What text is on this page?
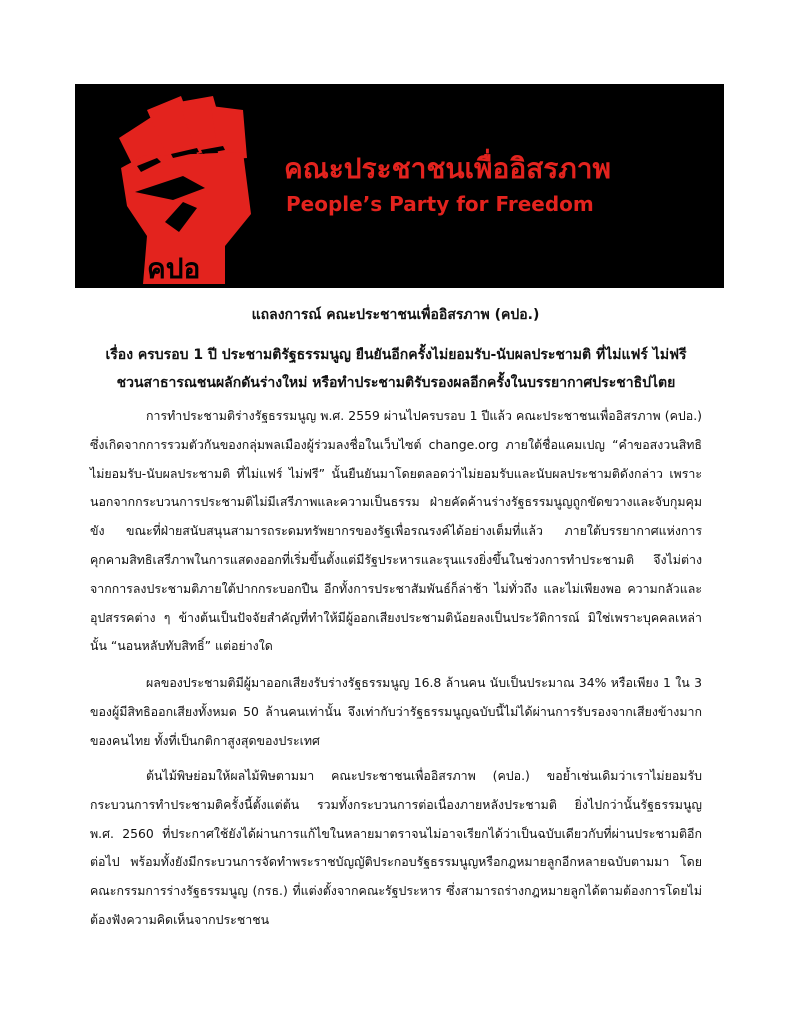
คปอ
คณะประชาชนเพื่ออิสรภาพ
People’s Party for Freedom
แถลงการณ์ คณะประชาชนเพื่ออิสรภาพ (คปอ.)
เรื่อง ครบรอบ 1 ปี ประชามติรัฐธรรมนูญ ยืนยันอีกครั้งไม่ยอมรับ-นับผลประชามติ ที่ไม่แฟร์ ไม่ฟรี
ชวนสาธารณชนผลักดันร่างใหม่ หรือทำประชามติรับรองผลอีกครั้งในบรรยากาศประชาธิปไตย

การทำประชามติร่างรัฐธรรมนูญ พ.ศ. 2559 ผ่านไปครบรอบ 1 ปีแล้ว คณะประชาชนเพื่ออิสรภาพ (คปอ.) ซึ่งเกิดจากการรวมตัวกันของกลุ่มพลเมืองผู้ร่วมลงชื่อในเว็บไซต์ change.org ภายใต้ชื่อแคมเปญ “คำขอสงวนสิทธิไม่ยอมรับ-นับผลประชามติ ที่ไม่แฟร์ ไม่ฟรี” นั้นยืนยันมาโดยตลอดว่าไม่ยอมรับและนับผลประชามติดังกล่าว เพราะนอกจากกระบวนการประชามติไม่มีเสรีภาพและความเป็นธรรม ฝ่ายคัดค้านร่างรัฐธรรมนูญถูกขัดขวางและจับกุมคุมขัง ขณะที่ฝ่ายสนับสนุนสามารถระดมทรัพยากรของรัฐเพื่อรณรงค์ได้อย่างเต็มที่แล้ว ภายใต้บรรยากาศแห่งการคุกคามสิทธิเสรีภาพในการแสดงออกที่เริ่มขึ้นตั้งแต่มีรัฐประหารและรุนแรงยิ่งขึ้นในช่วงการทำประชามติ จึงไม่ต่างจากการลงประชามติภายใต้ปากกระบอกปืน อีกทั้งการประชาสัมพันธ์ก็ล่าช้า ไม่ทั่วถึง และไม่เพียงพอ ความกลัวและอุปสรรคต่าง ๆ ข้างต้นเป็นปัจจัยสำคัญที่ทำให้มีผู้ออกเสียงประชามติน้อยลงเป็นประวัติการณ์ มิใช่เพราะบุคคลเหล่านั้น “นอนหลับทับสิทธิ์” แต่อย่างใด

ผลของประชามติมีผู้มาออกเสียงรับร่างรัฐธรรมนูญ 16.8 ล้านคน นับเป็นประมาณ 34% หรือเพียง 1 ใน 3 ของผู้มีสิทธิออกเสียงทั้งหมด 50 ล้านคนเท่านั้น จึงเท่ากับว่ารัฐธรรมนูญฉบับนี้ไม่ได้ผ่านการรับรองจากเสียงข้างมากของคนไทย ทั้งที่เป็นกติกาสูงสุดของประเทศ

ต้นไม้พิษย่อมให้ผลไม้พิษตามมา คณะประชาชนเพื่ออิสรภาพ (คปอ.) ขอย้ำเช่นเดิมว่าเราไม่ยอมรับกระบวนการทำประชามติครั้งนี้ตั้งแต่ต้น รวมทั้งกระบวนการต่อเนื่องภายหลังประชามติ ยิ่งไปกว่านั้นรัฐธรรมนูญ พ.ศ. 2560 ที่ประกาศใช้ยังได้ผ่านการแก้ไขในหลายมาตราจนไม่อาจเรียกได้ว่าเป็นฉบับเดียวกับที่ผ่านประชามติอีกต่อไป พร้อมทั้งยังมีกระบวนการจัดทำพระราชบัญญัติประกอบรัฐธรรมนูญหรือกฎหมายลูกอีกหลายฉบับตามมา โดยคณะกรรมการร่างรัฐธรรมนูญ (กรธ.) ที่แต่งตั้งจากคณะรัฐประหาร ซึ่งสามารถร่างกฎหมายลูกได้ตามต้องการโดยไม่ต้องฟังความคิดเห็นจากประชาชน
